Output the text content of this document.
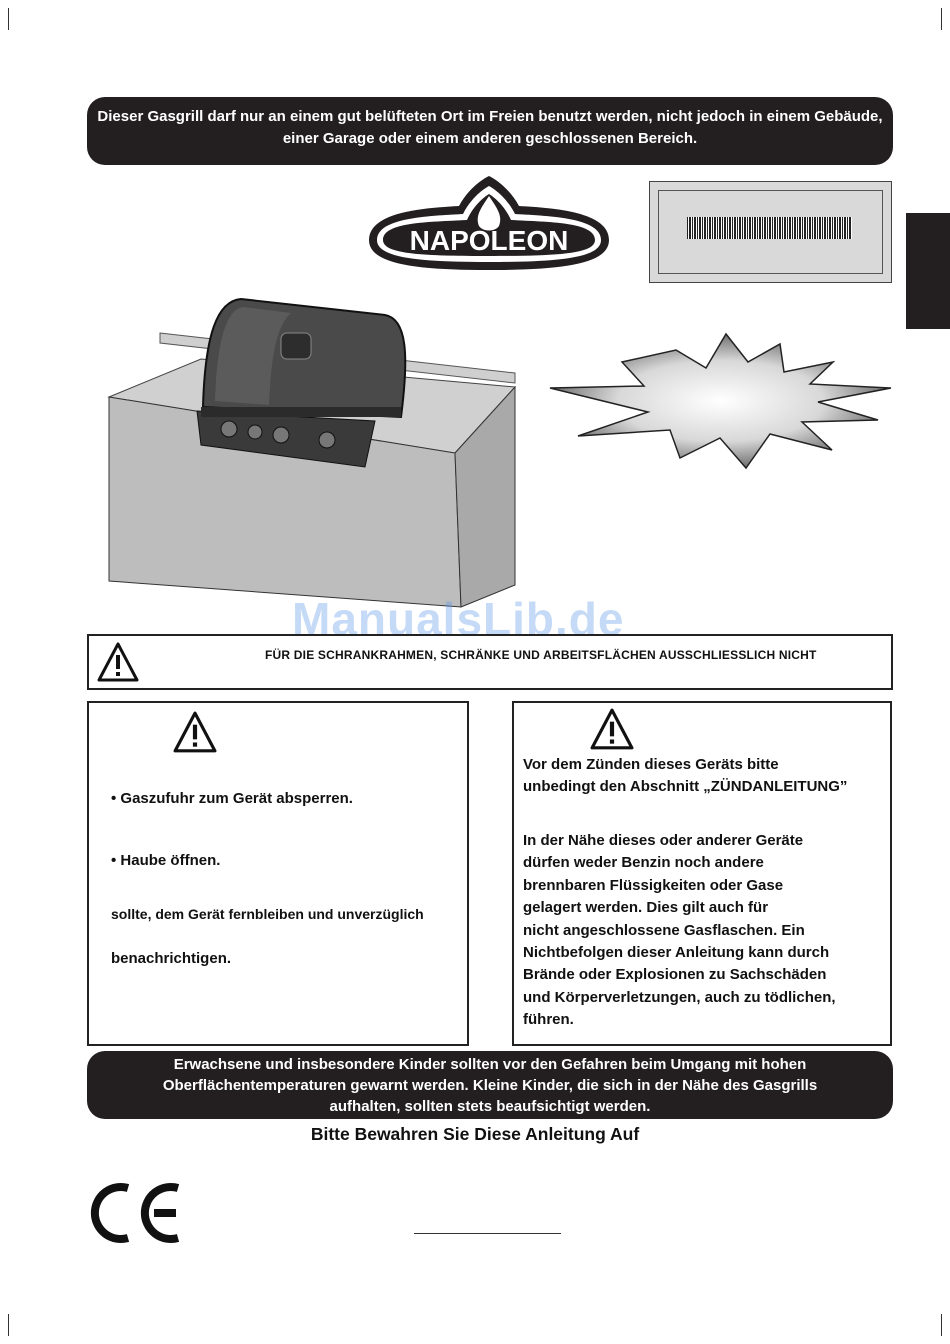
Dieser Gasgrill darf nur an einem gut belüfteten Ort im Freien benutzt werden, nicht jedoch in einem Gebäude, einer Garage oder einem anderen geschlossenen Bereich.
NAPOLEON
ManualsLib.de
FÜR DIE SCHRANKRAHMEN, SCHRÄNKE UND ARBEITSFLÄCHEN AUSSCHLIESSLICH NICHT
• Gaszufuhr zum Gerät absperren.
• Haube öffnen.
sollte, dem Gerät fernbleiben und unverzüglich
benachrichtigen.
Vor dem Zünden dieses Geräts bitte
unbedingt den Abschnitt „ZÜNDANLEITUNG”
In der Nähe dieses oder anderer Geräte
dürfen weder Benzin noch andere
brennbaren Flüssigkeiten oder Gase
gelagert werden. Dies gilt auch für
nicht angeschlossene Gasflaschen. Ein
Nichtbefolgen dieser Anleitung kann durch
Brände oder Explosionen zu Sachschäden
und Körperverletzungen, auch zu tödlichen,
führen.
Erwachsene und insbesondere Kinder sollten vor den Gefahren beim Umgang mit hohen
Oberflächentemperaturen gewarnt werden. Kleine Kinder, die sich in der Nähe des Gasgrills
aufhalten, sollten stets beaufsichtigt werden.
Bitte Bewahren Sie Diese Anleitung Auf
